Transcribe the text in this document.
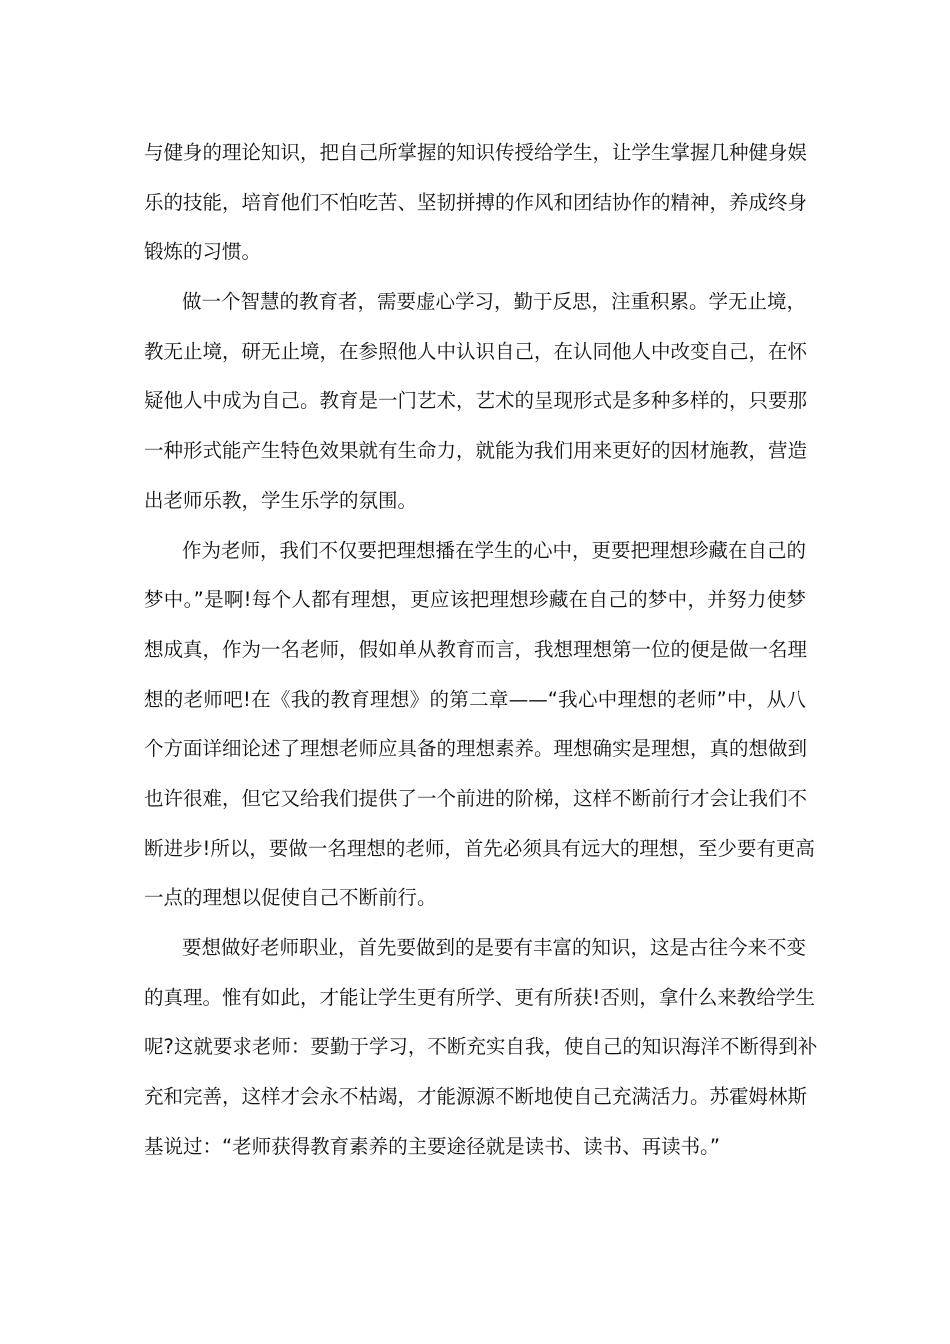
与健身的理论知识，把自己所掌握的知识传授给学生，让学生掌握几种健身娱
乐的技能，培育他们不怕吃苦、坚韧拼搏的作风和团结协作的精神，养成终身
锻炼的习惯。
做一个智慧的教育者，需要虚心学习，勤于反思，注重积累。学无止境，
教无止境，研无止境，在参照他人中认识自己，在认同他人中改变自己，在怀
疑他人中成为自己。教育是一门艺术，艺术的呈现形式是多种多样的，只要那
一种形式能产生特色效果就有生命力，就能为我们用来更好的因材施教，营造
出老师乐教，学生乐学的氛围。
作为老师，我们不仅要把理想播在学生的心中，更要把理想珍藏在自己的
梦中。”是啊!每个人都有理想，更应该把理想珍藏在自己的梦中，并努力使梦
想成真，作为一名老师，假如单从教育而言，我想理想第一位的便是做一名理
想的老师吧!在《我的教育理想》的第二章——“我心中理想的老师”中，从八
个方面详细论述了理想老师应具备的理想素养。理想确实是理想，真的想做到
也许很难，但它又给我们提供了一个前进的阶梯，这样不断前行才会让我们不
断进步!所以，要做一名理想的老师，首先必须具有远大的理想，至少要有更高
一点的理想以促使自己不断前行。
要想做好老师职业，首先要做到的是要有丰富的知识，这是古往今来不变
的真理。惟有如此，才能让学生更有所学、更有所获!否则，拿什么来教给学生
呢?这就要求老师：要勤于学习，不断充实自我，使自己的知识海洋不断得到补
充和完善，这样才会永不枯竭，才能源源不断地使自己充满活力。苏霍姆林斯
基说过：“老师获得教育素养的主要途径就是读书、读书、再读书。”
